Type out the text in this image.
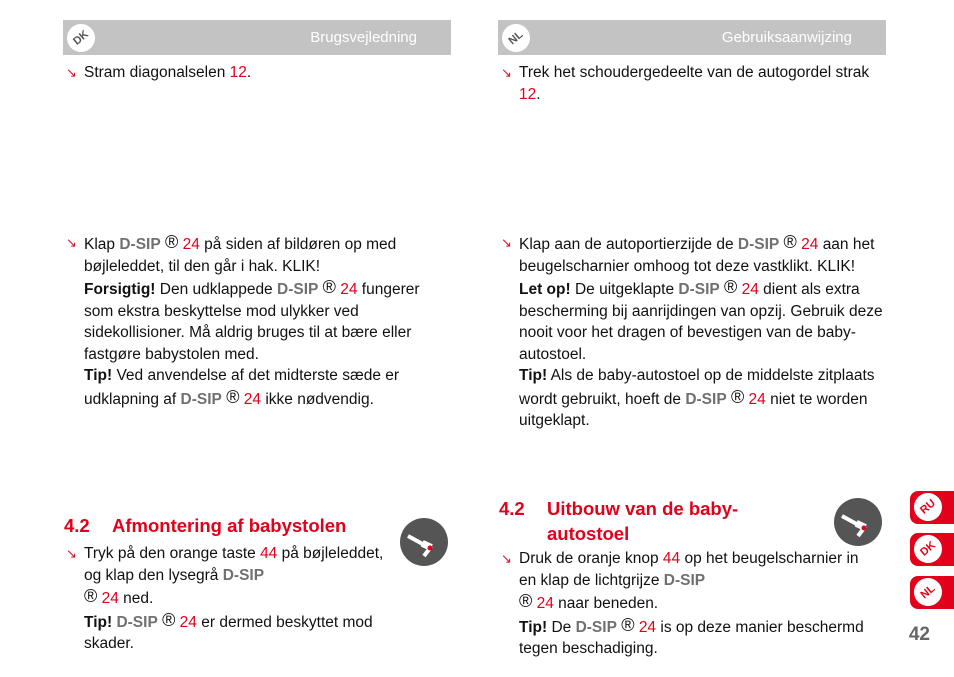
DK	Brugsvejledning	NL	Gebruiksaanwijzing
↘ Stram diagonalselen 12.	↘ Trek het schoudergedeelte van de autogordel strak 12.
↘ Klap D-SIP ® 24 på siden af bildøren op med bøjleleddet, til den går i hak. KLIK!
Forsigtig! Den udklappede D-SIP ® 24 fungerer som ekstra beskyttelse mod ulykker ved sidekollisioner. Må aldrig bruges til at bære eller fastgøre babystolen med.
Tip! Ved anvendelse af det midterste sæde er udklapning af D-SIP ® 24 ikke nødvendig.
↘ Klap aan de autoportierzijde de D-SIP ® 24 aan het beugelscharnier omhoog tot deze vastklikt. KLIK!
Let op! De uitgeklapte D-SIP ® 24 dient als extra bescherming bij aanrijdingen van opzij. Gebruik deze nooit voor het dragen of bevestigen van de baby-autostoel.
Tip! Als de baby-autostoel op de middelste zitplaats wordt gebruikt, hoeft de D-SIP ® 24 niet te worden uitgeklapt.
4.2 Afmontering af babystolen
↘ Tryk på den orange taste 44 på bøjleleddet, og klap den lysegrå D-SIP
® 24 ned.
Tip! D-SIP ® 24 er dermed beskyttet mod skader.
4.2 Uitbouw van de baby-
autostoel
↘ Druk de oranje knop 44 op het beugelscharnier in en klap de lichtgrijze D-SIP
® 24 naar beneden.
Tip! De D-SIP ® 24 is op deze manier beschermd tegen beschadiging.
RU
DK
NL
42
